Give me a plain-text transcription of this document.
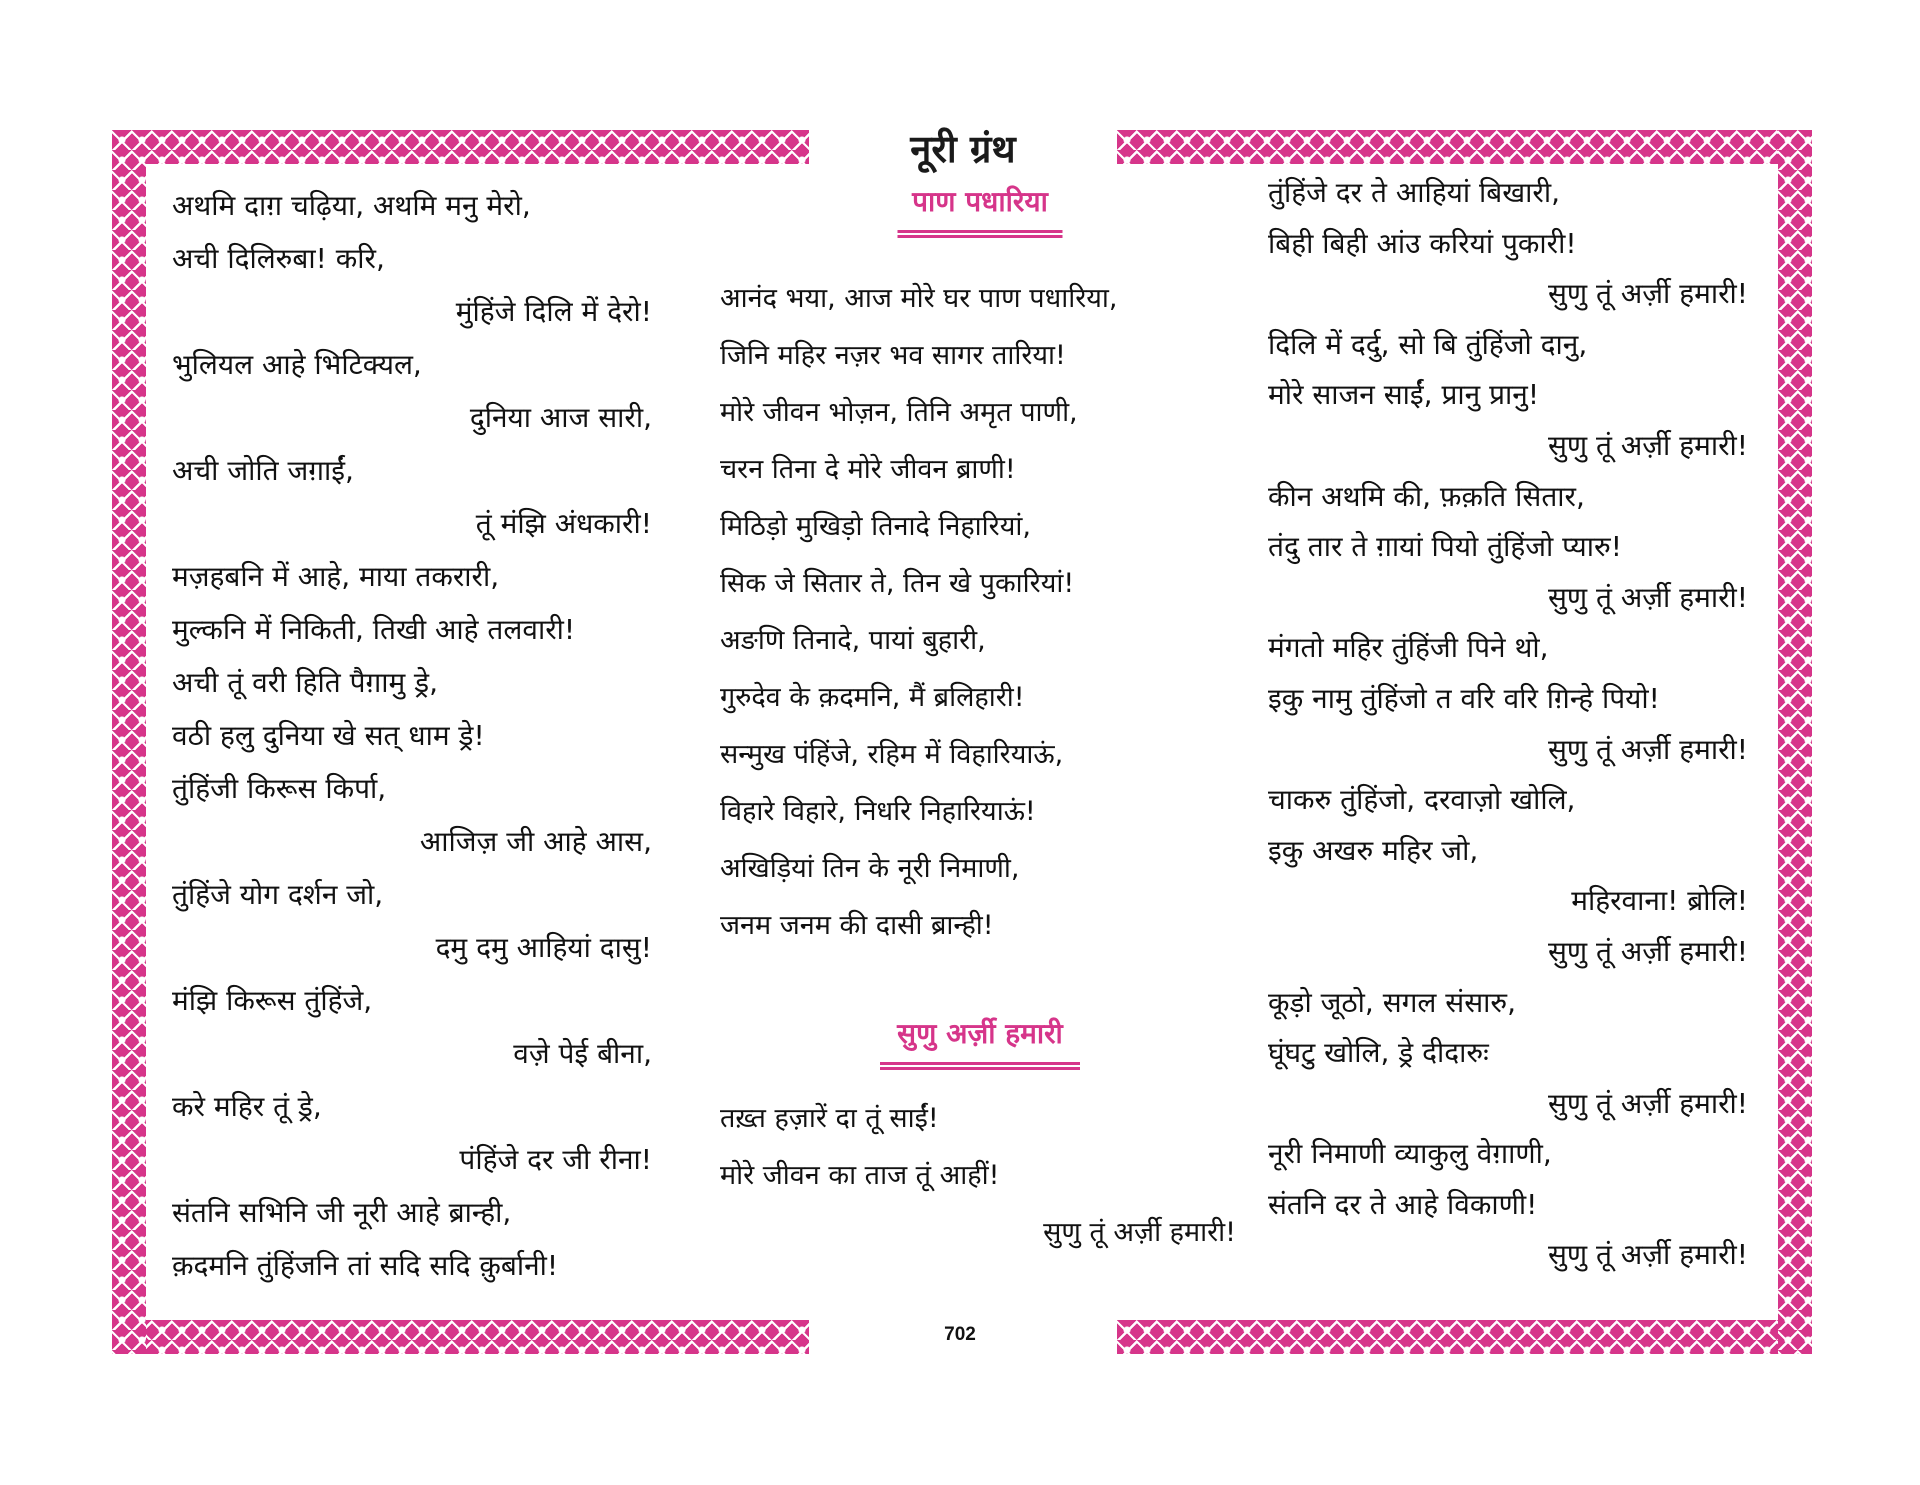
नूरी ग्रंथ
अथमि दाग़ चढ़िया, अथमि मनु मेरो,
अची दिलिरुबा! करि,
मुंहिंजे दिलि में देरो!
भुलियल आहे भिटिक्यल,
दुनिया आज सारी,
अची जोति जग़ाईं,
तूं मंझि अंधकारी!
मज़हबनि में आहे, माया तकरारी,
मुल्कनि में निकिती, तिखी आहे तलवारी!
अची तूं वरी हिति पैग़ामु ड्रे,
वठी हलु दुनिया खे सत् धाम ड्रे!
तुंहिंजी किरूस किर्पा,
आजिज़ जी आहे आस,
तुंहिंजे योग दर्शन जो,
दमु दमु आहियां दासु!
मंझि किरूस तुंहिंजे,
वज़े पेई बीना,
करे महिर तूं ड्रे,
पंहिंजे दर जी रीना!
संतनि सभिनि जी नूरी आहे ब्रान्ही,
क़दमनि तुंहिंजनि तां सदि सदि क़ुर्बानी!
पाण पधारिया
आनंद भया, आज मोरे घर पाण पधारिया,
जिनि महिर नज़र भव सागर तारिया!
मोरे जीवन भोज़न, तिनि अमृत पाणी,
चरन तिना दे मोरे जीवन ब्राणी!
मिठिड़ो मुखिड़ो तिनादे निहारियां,
सिक जे सितार ते, तिन खे पुकारियां!
अङणि तिनादे, पायां बुहारी,
गुरुदेव के क़दमनि, मैं ब्रलिहारी!
सन्मुख पंहिंजे, रहिम में विहारियाऊं,
विहारे विहारे, निधरि निहारियाऊं!
अखिड़ियां तिन के नूरी निमाणी,
जनम जनम की दासी ब्रान्ही!
सुणु अर्ज़ी हमारी
तख़्त हज़ारें दा तूं साईं!
मोरे जीवन का ताज तूं आहीं!
सुणु तूं अर्ज़ी हमारी!
तुंहिंजे दर ते आहियां बिखारी,
बिही बिही आंउ करियां पुकारी!
सुणु तूं अर्ज़ी हमारी!
दिलि में दर्दु, सो बि तुंहिंजो दानु,
मोरे साजन साईं, प्रानु प्रानु!
सुणु तूं अर्ज़ी हमारी!
कीन अथमि की, फ़क़ति सितार,
तंदु तार ते ग़ायां पियो तुंहिंजो प्यारु!
सुणु तूं अर्ज़ी हमारी!
मंगतो महिर तुंहिंजी पिने थो,
इकु नामु तुंहिंजो त वरि वरि ग़िन्हे पियो!
सुणु तूं अर्ज़ी हमारी!
चाकरु तुंहिंजो, दरवाज़ो खोलि,
इकु अखरु महिर जो,
महिरवाना! ब्रोलि!
सुणु तूं अर्ज़ी हमारी!
कूड़ो जूठो, सगल संसारु,
घूंघटु खोलि, ड्रे दीदारुः
सुणु तूं अर्ज़ी हमारी!
नूरी निमाणी व्याकुलु वेग़ाणी,
संतनि दर ते आहे विकाणी!
सुणु तूं अर्ज़ी हमारी!
702
